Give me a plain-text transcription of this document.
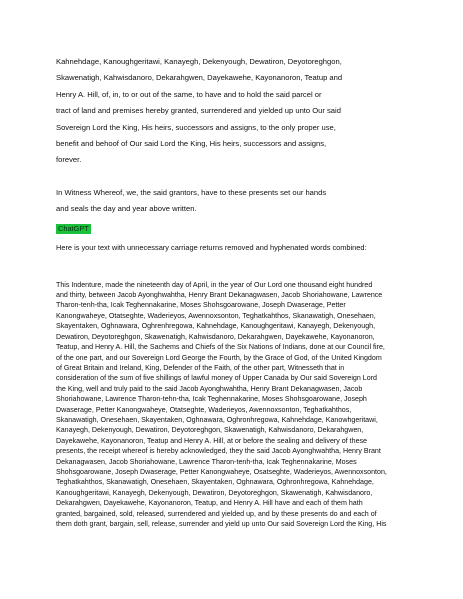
Kahnehdage, Kanoughgeritawi, Kanayegh, Dekenyough, Dewatiron, Deyotoreghgon,
Skawenatigh, Kahwisdanoro, Dekarahgwen, Dayekawehe, Kayonanoron, Teatup and
Henry A. Hill, of, in, to or out of the same, to have and to hold the said parcel or
tract of land and premises hereby granted, surrendered and yielded up unto Our said
Sovereign Lord the King, His heirs, successors and assigns, to the only proper use,
benefit and behoof of Our said Lord the King, His heirs, successors and assigns,
forever.
In Witness Whereof, we, the said grantors, have to these presents set our hands
and seals the day and year above written.
ChatGPT

Here is your text with unnecessary carriage returns removed and hyphenated words combined:

This Indenture, made the nineteenth day of April, in the year of Our Lord one thousand eight hundred
and thirty, between Jacob Ayonghwahtha, Henry Brant Dekanagwasen, Jacob Shoriahowane, Lawrence
Tharon-tenh-tha, Icak Teghennakarine, Moses Shohsgoarowane, Joseph Dwaserage, Petter
Kanongwaheye, Otatseghte, Waderieyos, Awennoxsonton, Teghatkahthos, Skanawatigh, Onesehaen,
Skayentaken, Oghnawara, Oghrenhregowa, Kahnehdage, Kanoughgeritawi, Kanayegh, Dekenyough,
Dewatiron, Deyotoreghgon, Skawenatigh, Kahwisdanoro, Dekarahgwen, Dayekawehe, Kayonanoron,
Teatup, and Henry A. Hill, the Sachems and Chiefs of the Six Nations of Indians, done at our Council fire,
of the one part, and our Sovereign Lord George the Fourth, by the Grace of God, of the United Kingdom
of Great Britain and Ireland, King, Defender of the Faith, of the other part, Witnesseth that in
consideration of the sum of five shillings of lawful money of Upper Canada by Our said Sovereign Lord
the King, well and truly paid to the said Jacob Ayonghwahtha, Henry Brant Dekanagwasen, Jacob
Shoriahowane, Lawrence Tharon-tehn-tha, Icak Teghennakarine, Moses Shohsgoarowane, Joseph
Dwaserage, Petter Kanongwaheye, Otatseghte, Waderieyos, Awennoxsonton, Teghatkahthos,
Skanawatigh, Onesehaen, Skayentaken, Oghnawara, Oghronhregowa, Kahnehdage, Kanowhgeritawi,
Kanayegh, Dekenyough, Dewatiron, Deyotoreghgon, Skawenatigh, Kahwisdanoro, Dekarahgwen,
Dayekawehe, Kayonanoron, Teatup and Henry A. Hill, at or before the sealing and delivery of these
presents, the receipt whereof is hereby acknowledged, they the said Jacob Ayonghwahtha, Henry Brant
Dekanagwasen, Jacob Shoriahowane, Lawrence Tharon-tenh-tha, Icak Teghennakarine, Moses
Shohsgoarowane, Joseph Dwaserage, Petter Kanongwaheye, Osatseghte, Waderieyos, Awennoxsonton,
Teghatkahthos, Skanawatigh, Onesehaen, Skayentaken, Oghnawara, Oghronhregowa, Kahnehdage,
Kanoughgeritawi, Kanayegh, Dekenyough, Dewatiron, Deyotoreghgon, Skawenatigh, Kahwisdanoro,
Dekarahgwen, Dayekawehe, Kayonanoron, Teatup, and Henry A. Hill have and each of them hath
granted, bargained, sold, released, surrendered and yielded up, and by these presents do and each of
them doth grant, bargain, sell, release, surrender and yield up unto Our said Sovereign Lord the King, His
